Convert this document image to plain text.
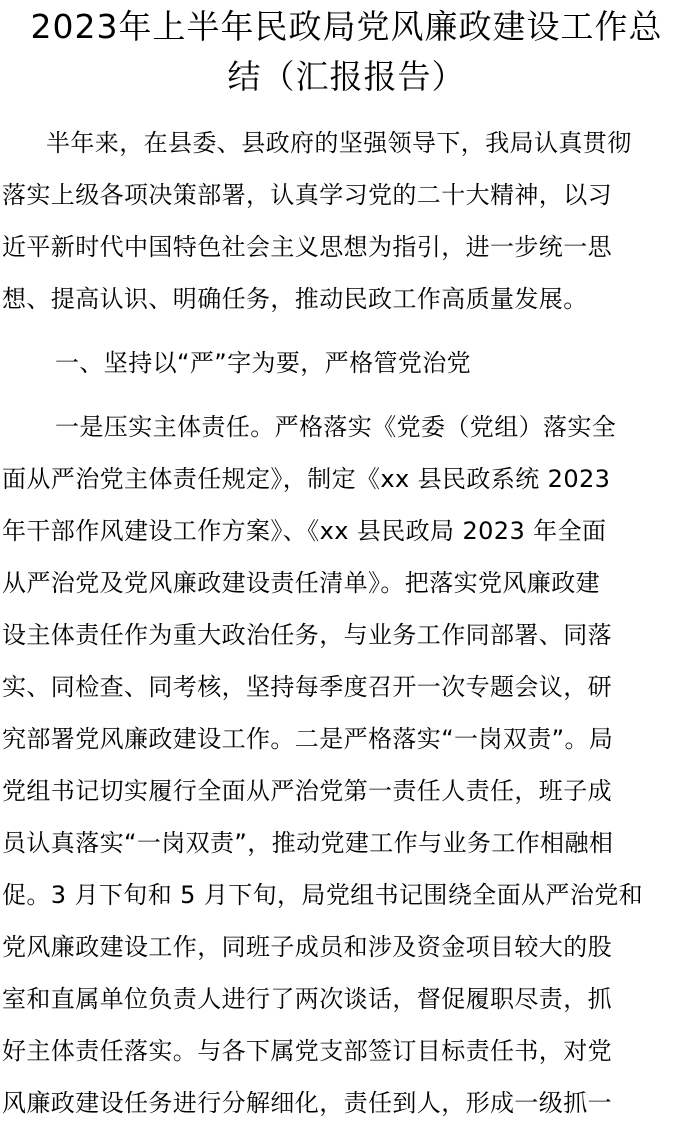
2023年上半年民政局党风廉政建设工作总
结（汇报报告）
半年来，在县委、县政府的坚强领导下，我局认真贯彻
落实上级各项决策部署，认真学习党的二十大精神，以习
近平新时代中国特色社会主义思想为指引，进一步统一思
想、提高认识、明确任务，推动民政工作高质量发展。
一、坚持以“严”字为要，严格管党治党
一是压实主体责任。严格落实《党委（党组）落实全
面从严治党主体责任规定》，制定《xx 县民政系统 2023
年干部作风建设工作方案》、《xx 县民政局 2023 年全面
从严治党及党风廉政建设责任清单》。把落实党风廉政建
设主体责任作为重大政治任务，与业务工作同部署、同落
实、同检查、同考核，坚持每季度召开一次专题会议，研
究部署党风廉政建设工作。二是严格落实“一岗双责”。局
党组书记切实履行全面从严治党第一责任人责任，班子成
员认真落实“一岗双责”，推动党建工作与业务工作相融相
促。3 月下旬和 5 月下旬，局党组书记围绕全面从严治党和
党风廉政建设工作，同班子成员和涉及资金项目较大的股
室和直属单位负责人进行了两次谈话，督促履职尽责，抓
好主体责任落实。与各下属党支部签订目标责任书，对党
风廉政建设任务进行分解细化，责任到人，形成一级抓一
